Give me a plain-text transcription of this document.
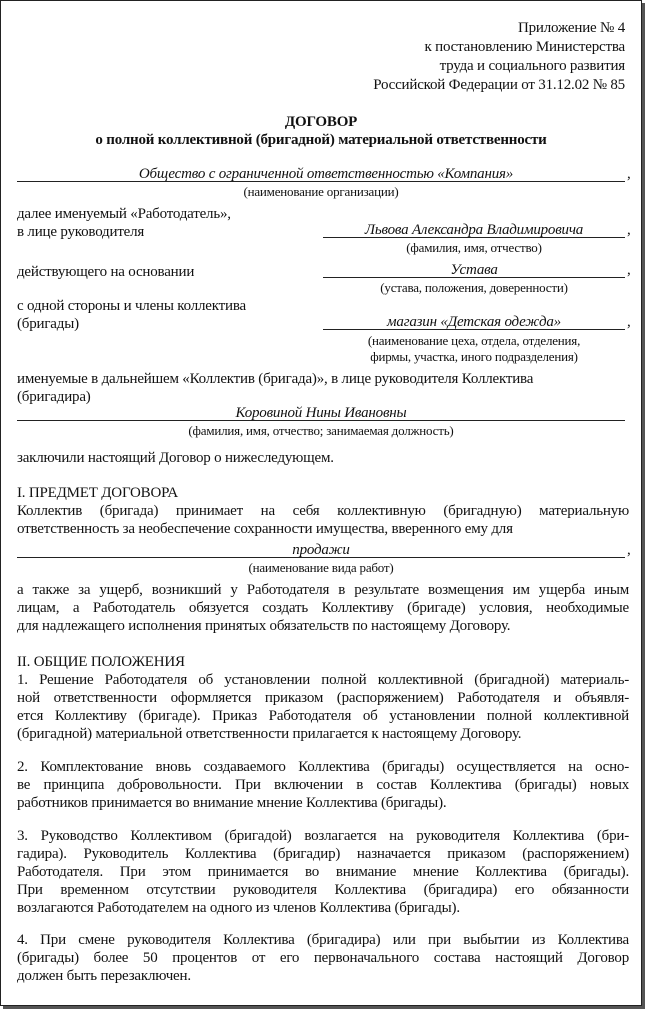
Приложение № 4
к постановлению Министерства
труда и социального развития
Российской Федерации от 31.12.02 № 85
ДОГОВОР
о полной коллективной (бригадной) материальной ответственности
Общество с ограниченной ответственностью «Компания»	,
(наименование организации)
далее именуемый «Работодатель»,
в лице руководителя	Львова Александра Владимировича	,
(фамилия, имя, отчество)
действующего на основании	Устава	,
(устава, положения, доверенности)
с одной стороны и члены коллектива
(бригады)	магазин «Детская одежда»	,
(наименование цеха, отдела, отделения,
фирмы, участка, иного подразделения)
именуемые в дальнейшем «Коллектив (бригада)», в лице руководителя Коллектива
(бригадира)
Коровиной Нины Ивановны
(фамилия, имя, отчество; занимаемая должность)
заключили настоящий Договор о нижеследующем.
I. ПРЕДМЕТ ДОГОВОРА
Коллектив (бригада) принимает на себя коллективную (бригадную) материальную
ответственность за необеспечение сохранности имущества, вверенного ему для
продажи	,
(наименование вида работ)
а также за ущерб, возникший у Работодателя в результате возмещения им ущерба иным
лицам, а Работодатель обязуется создать Коллективу (бригаде) условия, необходимые
для надлежащего исполнения принятых обязательств по настоящему Договору.
II. ОБЩИЕ ПОЛОЖЕНИЯ
1. Решение Работодателя об установлении полной коллективной (бригадной) материаль-
ной ответственности оформляется приказом (распоряжением) Работодателя и объявля-
ется Коллективу (бригаде). Приказ Работодателя об установлении полной коллективной
(бригадной) материальной ответственности прилагается к настоящему Договору.
2. Комплектование вновь создаваемого Коллектива (бригады) осуществляется на осно-
ве принципа добровольности. При включении в состав Коллектива (бригады) новых
работников принимается во внимание мнение Коллектива (бригады).
3. Руководство Коллективом (бригадой) возлагается на руководителя Коллектива (бри-
гадира). Руководитель Коллектива (бригадир) назначается приказом (распоряжением)
Работодателя. При этом принимается во внимание мнение Коллектива (бригады).
При временном отсутствии руководителя Коллектива (бригадира) его обязанности
возлагаются Работодателем на одного из членов Коллектива (бригады).
4. При смене руководителя Коллектива (бригадира) или при выбытии из Коллектива
(бригады) более 50 процентов от его первоначального состава настоящий Договор
должен быть перезаключен.
